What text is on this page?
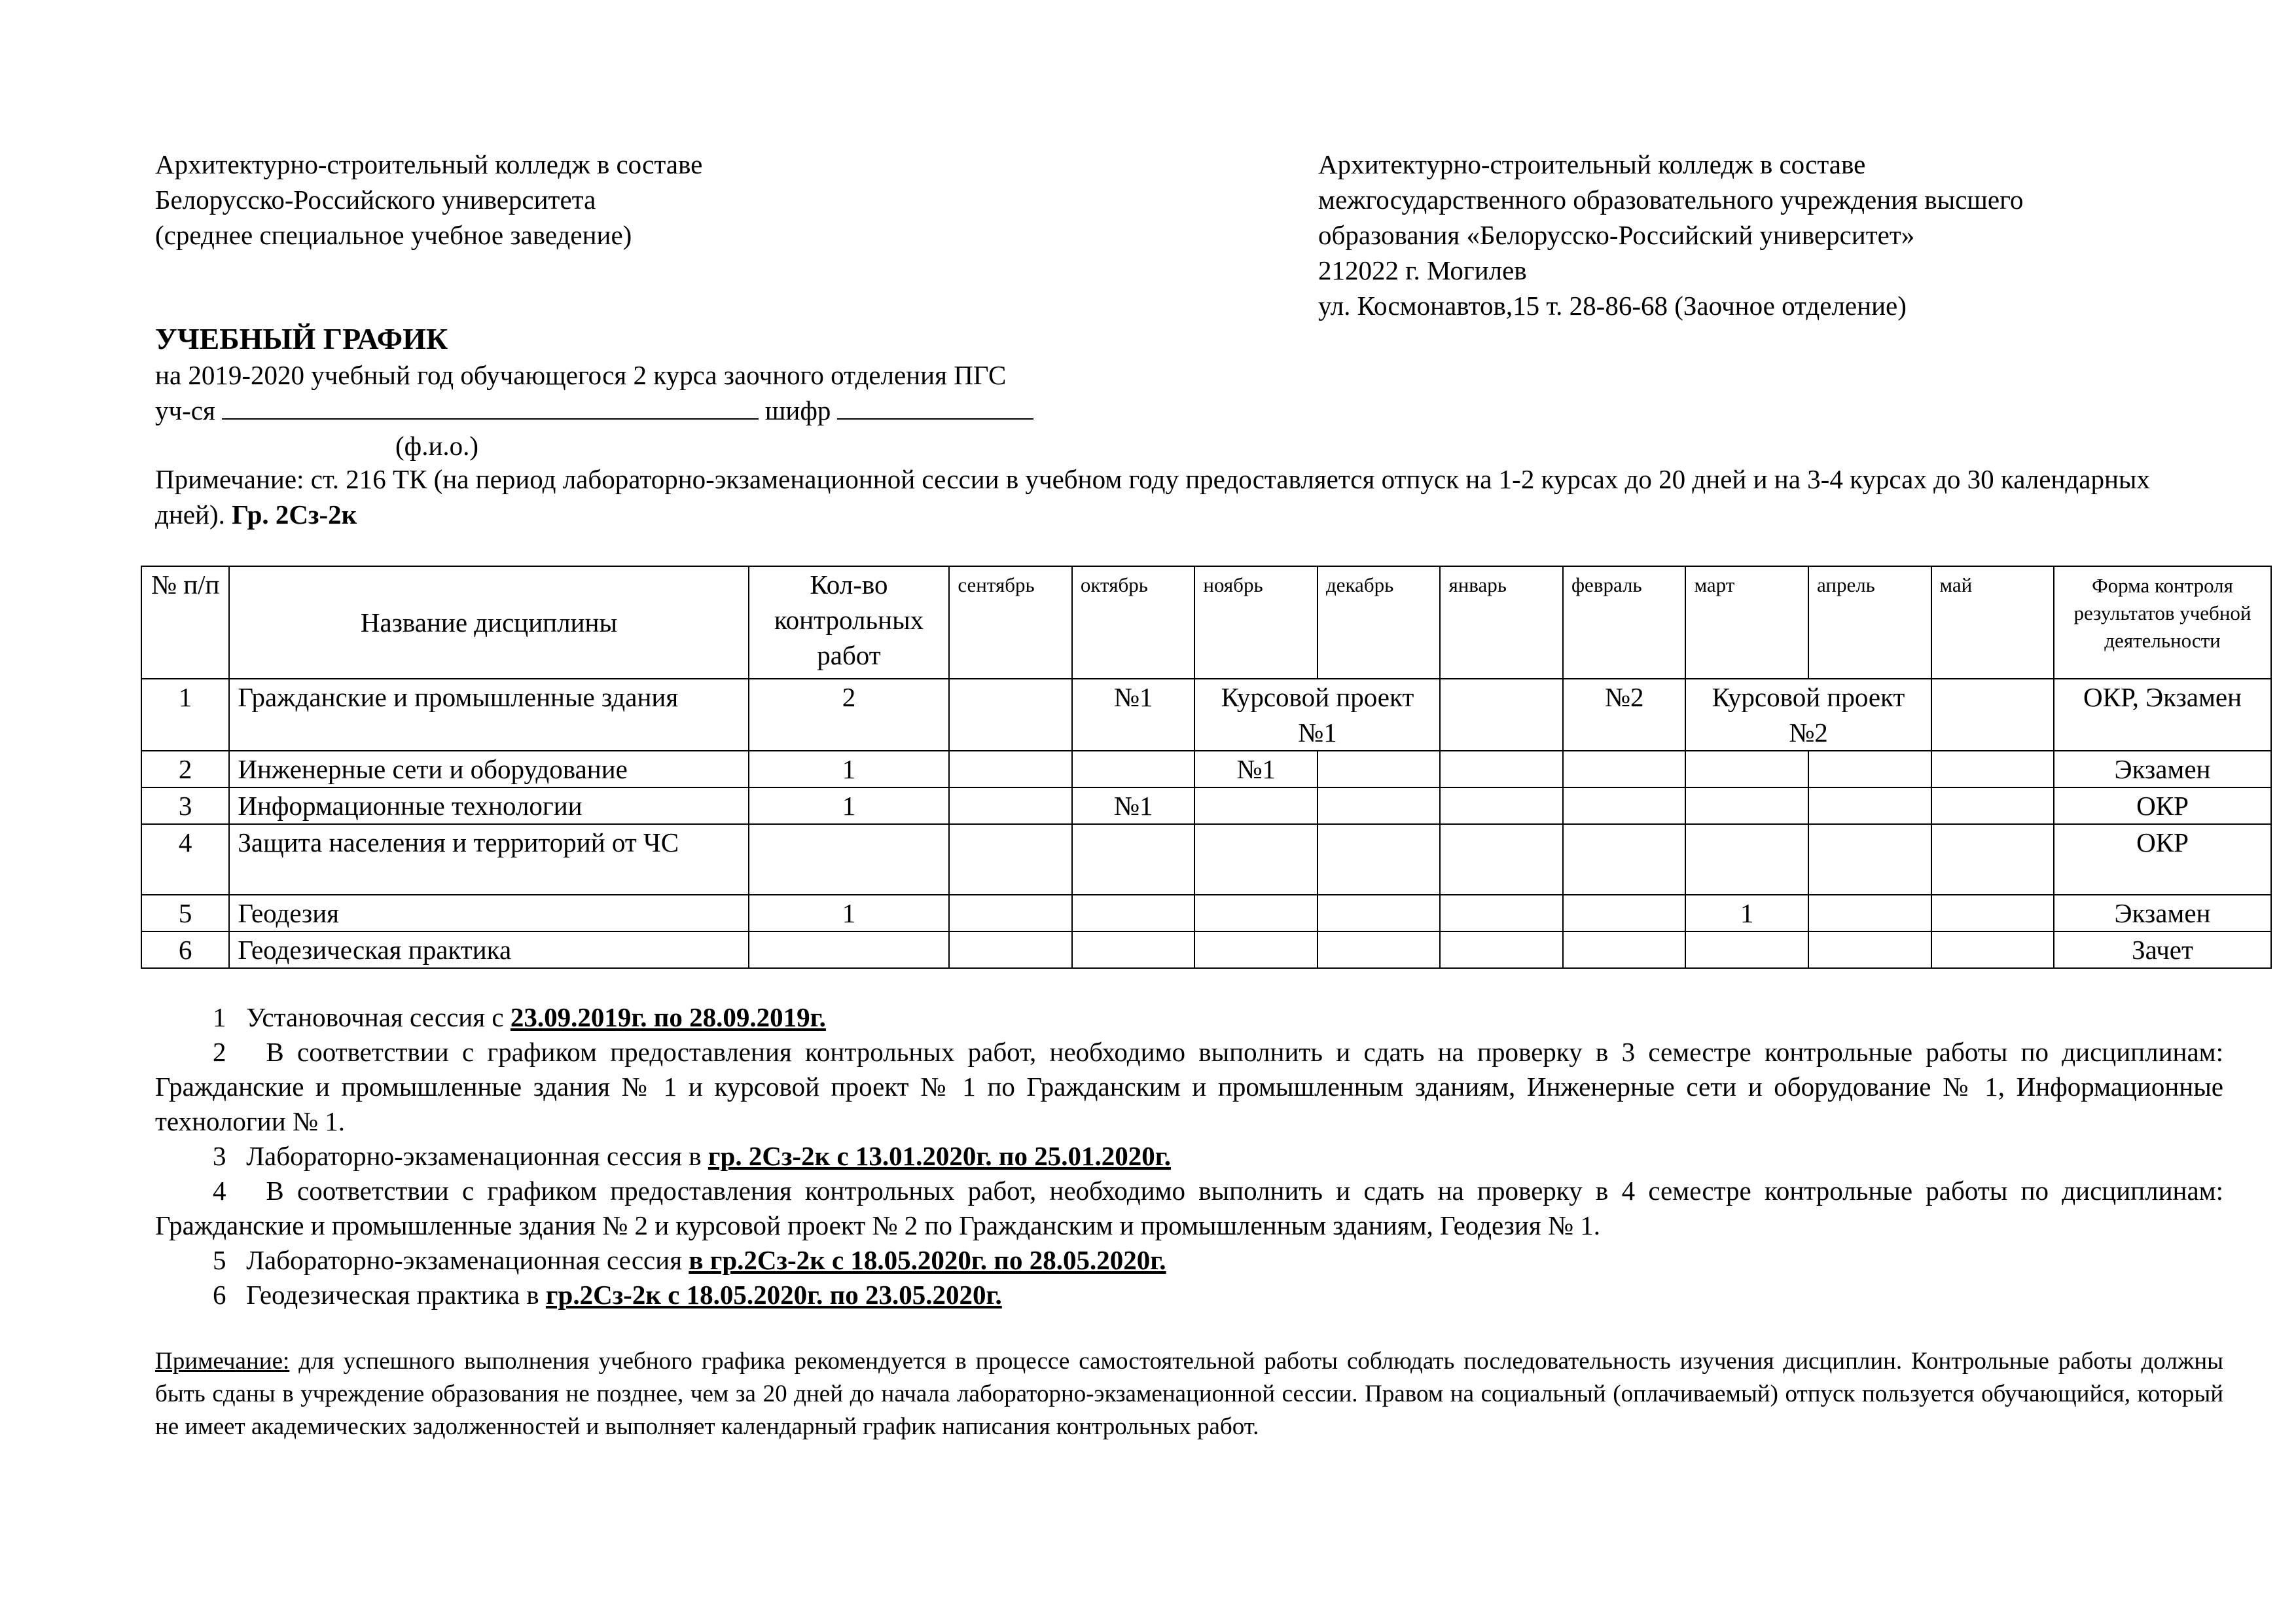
Архитектурно-строительный колледж в составе
Белорусско-Российского университета
(среднее специальное учебное заведение)
Архитектурно-строительный колледж в составе
межгосударственного образовательного учреждения высшего
образования «Белорусско-Российский университет»
212022 г. Могилев
ул. Космонавтов,15 т. 28-86-68 (Заочное отделение)
УЧЕБНЫЙ ГРАФИК
на 2019-2020 учебный год обучающегося 2 курса заочного отделения ПГС
уч-ся	шифр
(ф.и.о.)
Примечание: ст. 216 ТК (на период лабораторно-экзаменационной сессии в учебном году предоставляется отпуск на 1-2 курсах до 20 дней и на 3-4 курсах до 30 календарных дней). Гр. 2Сз-2к
№ п/п	Название дисциплины	Кол-во контрольных работ	сентябрь	октябрь	ноябрь	декабрь	январь	февраль	март	апрель	май	Форма контроля результатов учебной деятельности
1	Гражданские и промышленные здания	2		№1	Курсовой проект №1			№2	Курсовой проект №2			ОКР, Экзамен
2	Инженерные сети и оборудование	1			№1							Экзамен
3	Информационные технологии	1		№1								ОКР
4	Защита населения и территорий от ЧС											ОКР
5	Геодезия	1							1			Экзамен
6	Геодезическая практика											Зачет

1 Установочная сессия с 23.09.2019г. по 28.09.2019г.

2 В соответствии с графиком предоставления контрольных работ, необходимо выполнить и сдать на проверку в 3 семестре контрольные работы по дисциплинам: Гражданские и промышленные здания № 1 и курсовой проект № 1 по Гражданским и промышленным зданиям, Инженерные сети и оборудование № 1, Информационные технологии № 1.

3 Лабораторно-экзаменационная сессия в гр. 2Сз-2к с 13.01.2020г. по 25.01.2020г.

4 В соответствии с графиком предоставления контрольных работ, необходимо выполнить и сдать на проверку в 4 семестре контрольные работы по дисциплинам: Гражданские и промышленные здания № 2 и курсовой проект № 2 по Гражданским и промышленным зданиям, Геодезия № 1.

5 Лабораторно-экзаменационная сессия в гр.2Сз-2к с 18.05.2020г. по 28.05.2020г.

6 Геодезическая практика в гр.2Сз-2к с 18.05.2020г. по 23.05.2020г.

Примечание: для успешного выполнения учебного графика рекомендуется в процессе самостоятельной работы соблюдать последовательность изучения дисциплин. Контрольные работы должны быть сданы в учреждение образования не позднее, чем за 20 дней до начала лабораторно-экзаменационной сессии. Правом на социальный (оплачиваемый) отпуск пользуется обучающийся, который не имеет академических задолженностей и выполняет календарный график написания контрольных работ.
